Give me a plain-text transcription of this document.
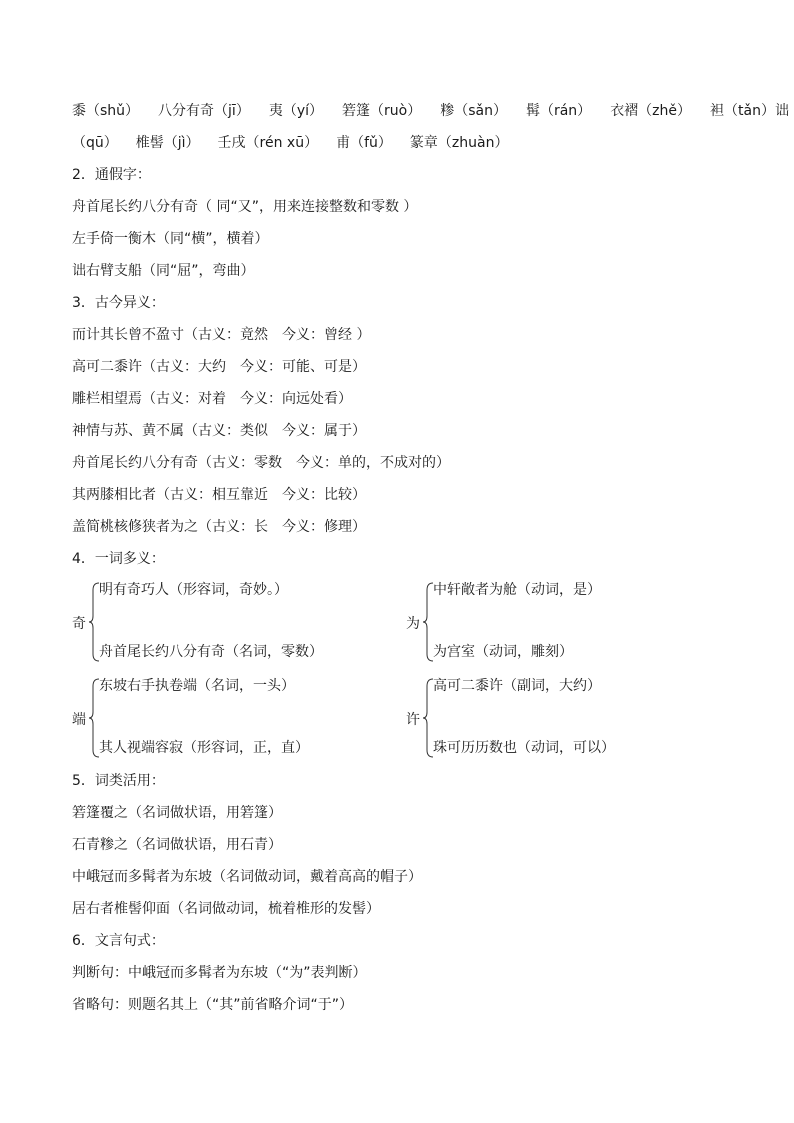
黍（shǔ） 八分有奇（jī） 夷（yí） 箬篷（ruò） 糁（sǎn） 髯（rán） 衣褶（zhě） 袒（tǎn）诎
（qū） 椎髻（jì） 壬戌（rén xū） 甫（fǔ） 篆章（zhuàn）
2．通假字：
舟首尾长约八分有奇（ 同“又”，用来连接整数和零数 ）
左手倚一衡木（同“横”，横着）
诎右臂支船（同“屈”，弯曲）
3．古今异义：
而计其长曾不盈寸（古义：竟然　今义：曾经 ）
高可二黍许（古义：大约　今义：可能、可是）
雕栏相望焉（古义：对着　今义：向远处看）
神情与苏、黄不属（古义：类似　今义：属于）
舟首尾长约八分有奇（古义：零数　今义：单的，不成对的）
其两膝相比者（古义：相互靠近　今义：比较）
盖简桃核修狭者为之（古义：长　今义：修理）
4．一词多义：
奇
明有奇巧人（形容词，奇妙。）
舟首尾长约八分有奇（名词，零数）
为
中轩敞者为舱（动词，是）
为宫室（动词，雕刻）
端
东坡右手执卷端（名词，一头）
其人视端容寂（形容词，正，直）
许
高可二黍许（副词，大约）
珠可历历数也（动词，可以）
5．词类活用：
箬篷覆之（名词做状语，用箬篷）
石青糁之（名词做状语，用石青）
中峨冠而多髯者为东坡（名词做动词，戴着高高的帽子）
居右者椎髻仰面（名词做动词，梳着椎形的发髻）
6．文言句式：
判断句：中峨冠而多髯者为东坡（“为”表判断）
省略句：则题名其上（“其”前省略介词“于”）
